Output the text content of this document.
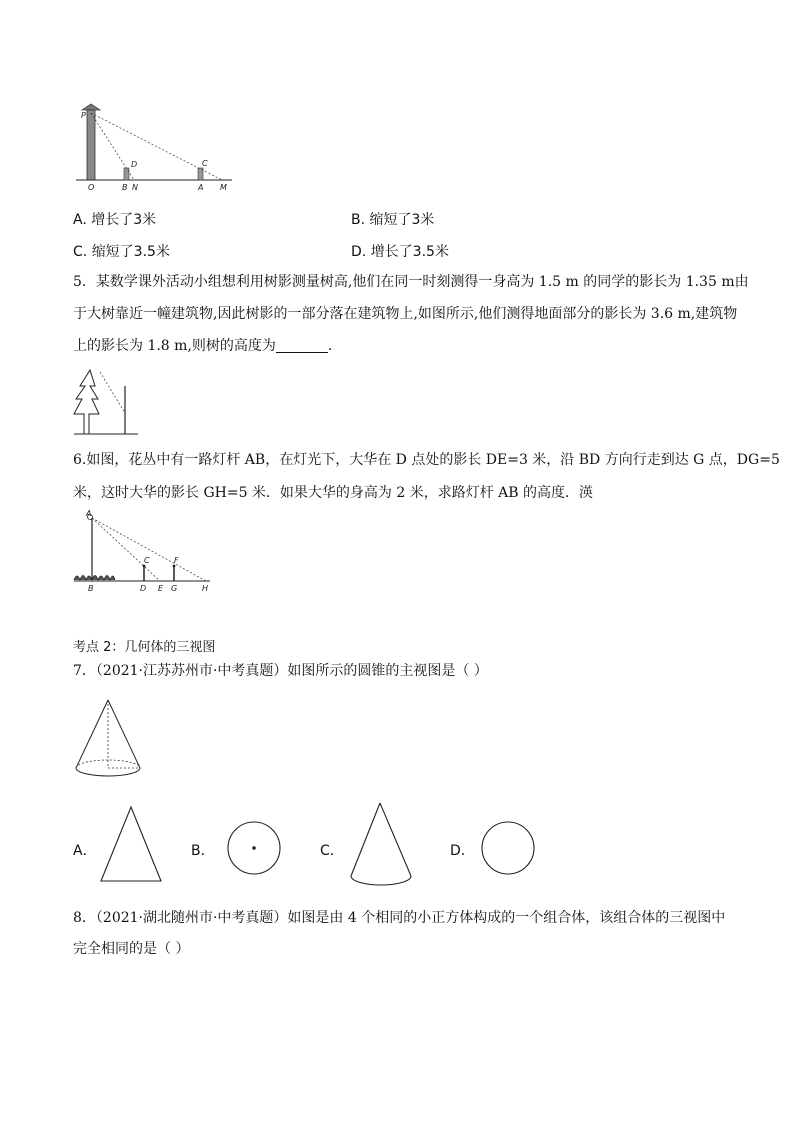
P
O	B N
D	C
A M
A. 增长了3米	B. 缩短了3米
C. 缩短了3.5米	D. 增长了3.5米
5．某数学课外活动小组想利用树影测量树高,他们在同一时刻测得一身高为 1.5 m 的同学的影长为 1.35 m由
于大树靠近一幢建筑物,因此树影的一部分落在建筑物上,如图所示,他们测得地面部分的影长为 3.6 m,建筑物
上的影长为 1.8 m,则树的高度为	.
6.如图，花丛中有一路灯杆 AB，在灯光下，大华在 D 点处的影长 DE=3 米，沿 BD 方向行走到达 G 点，DG=5
米，这时大华的影长 GH=5 米．如果大华的身高为 2 米，求路灯杆 AB 的高度．渶
A
B
C	F
D E G	H
考点 2：几何体的三视图
7．（2021·江苏苏州市·中考真题）如图所示的圆锥的主视图是（ ）
A．	B．	C．	D．
8．（2021·湖北随州市·中考真题）如图是由 4 个相同的小正方体构成的一个组合体，该组合体的三视图中
完全相同的是（ ）
